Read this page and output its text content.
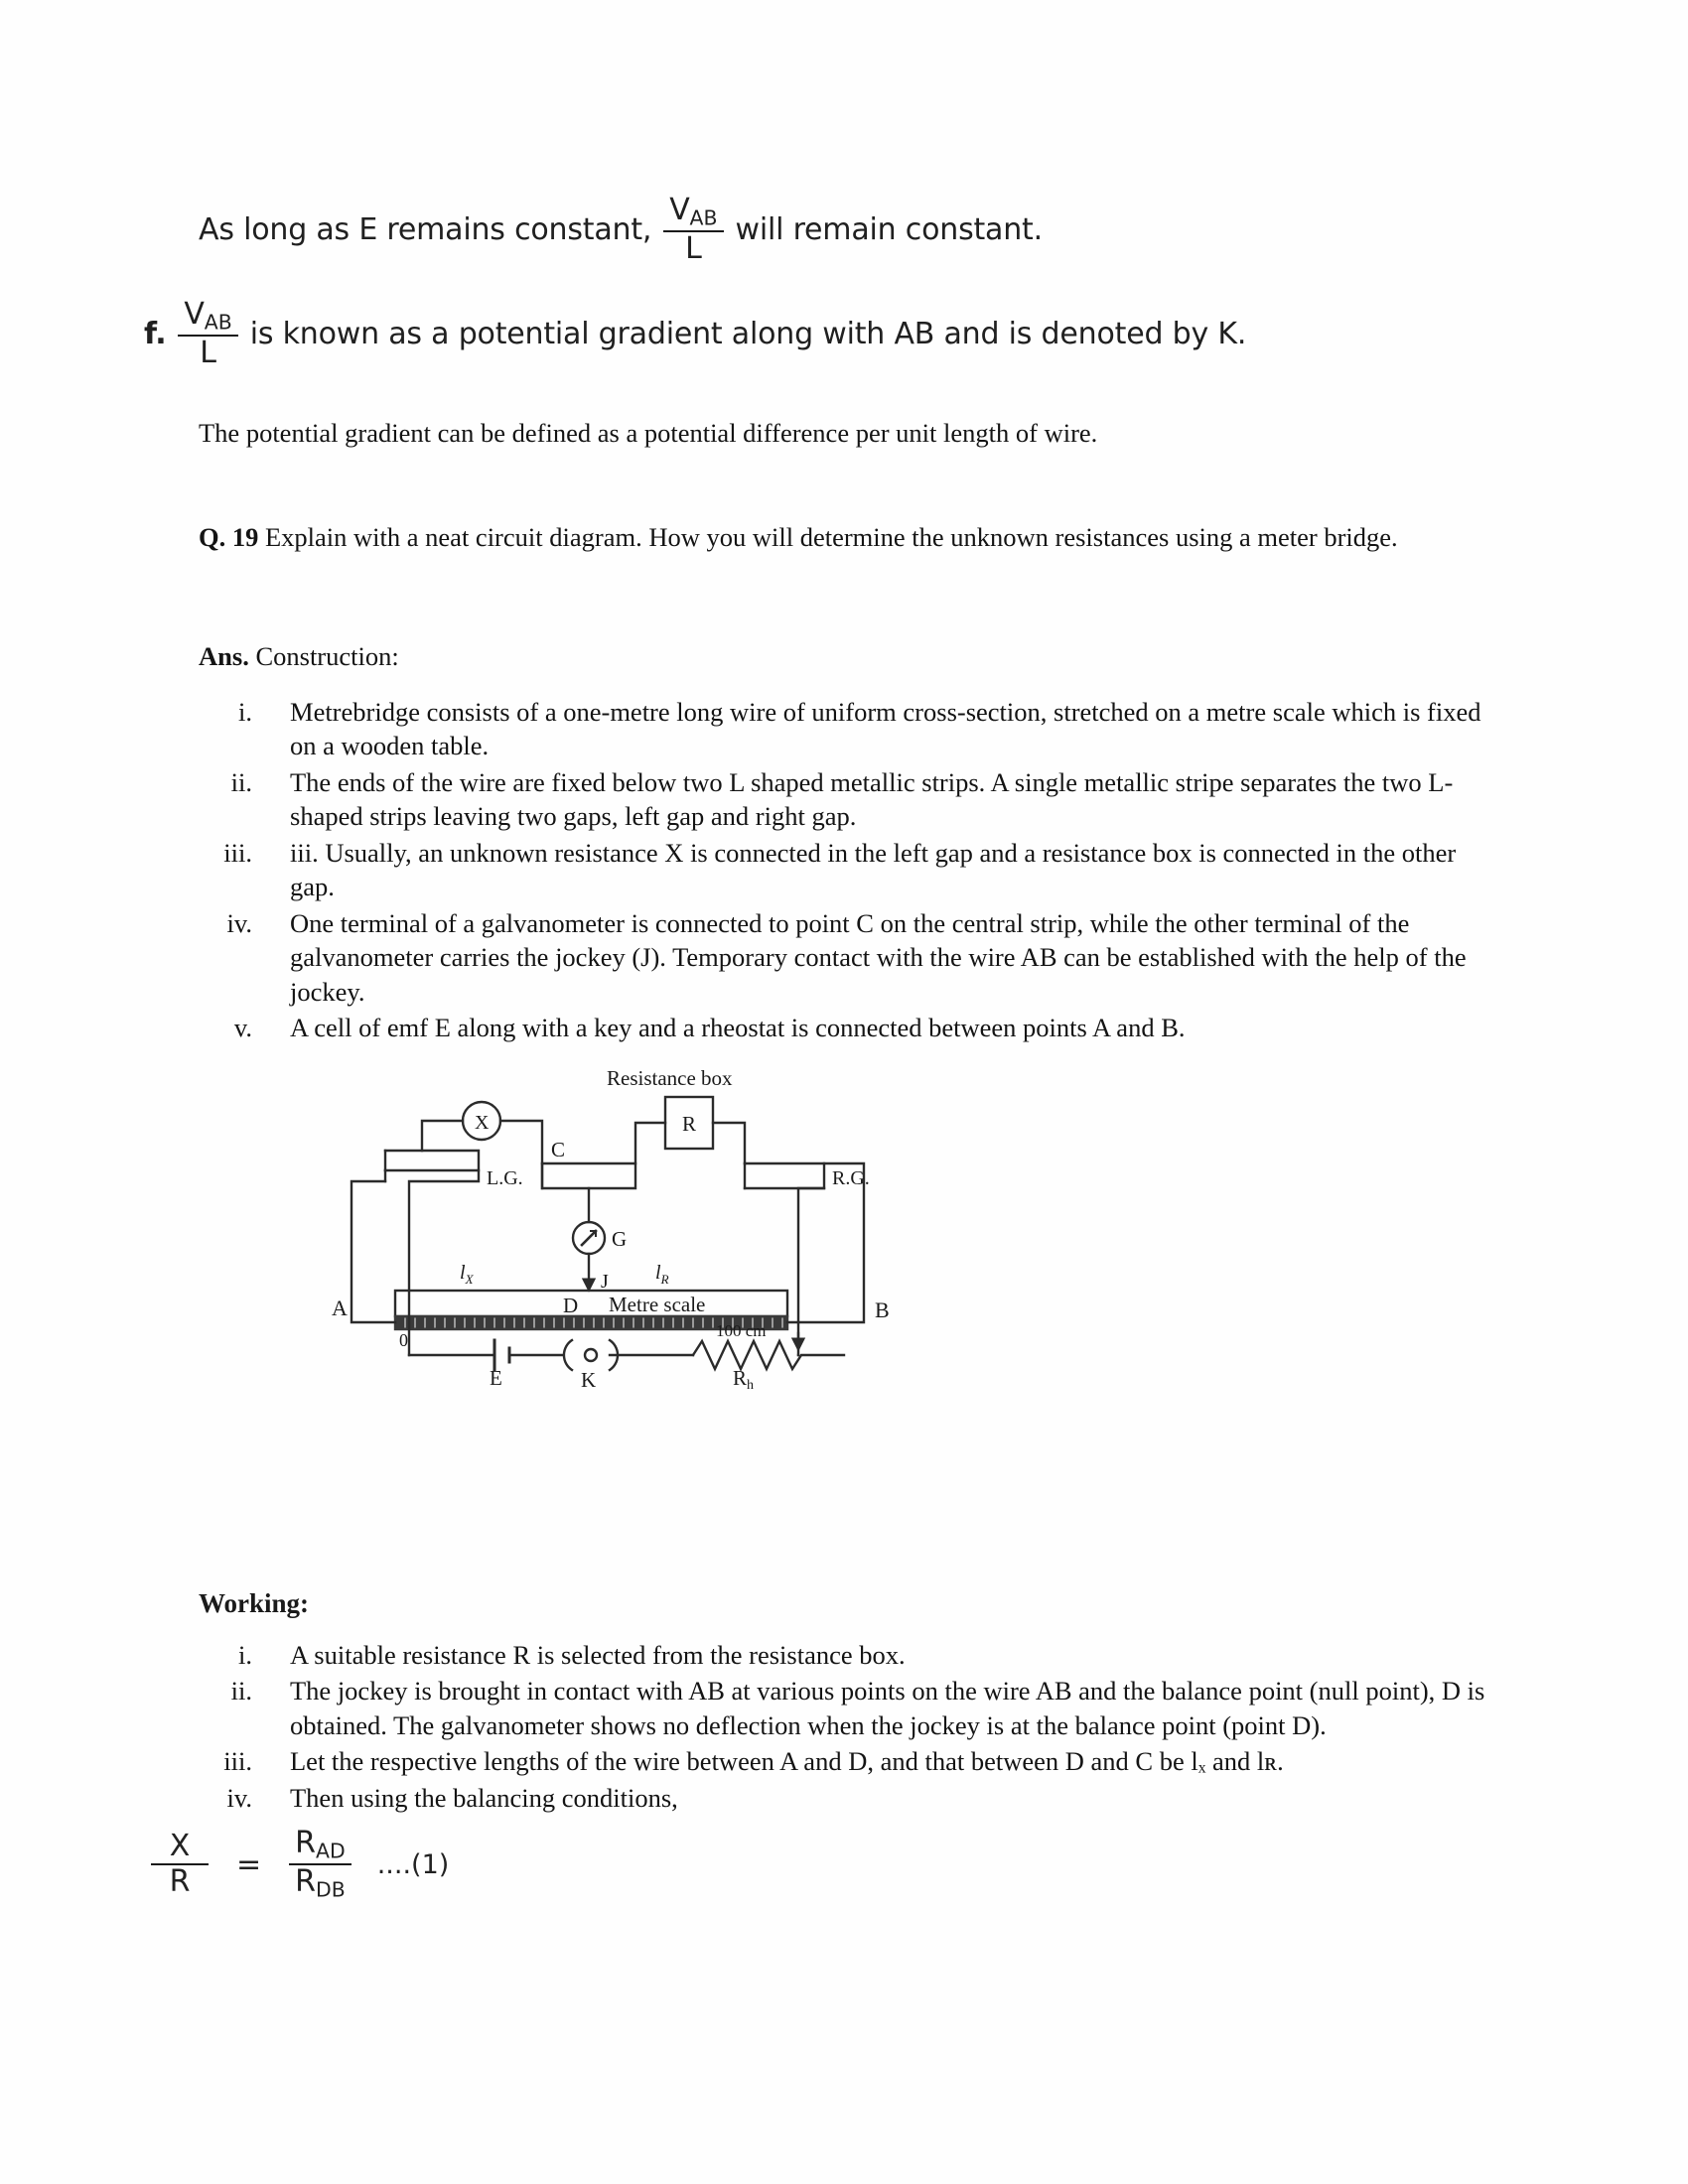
As long as E remains constant, $\frac{V_{AB}}{L}$ will remain constant.
f. $\frac{V_{AB}}{L}$ is known as a potential gradient along with AB and is denoted by K.
The potential gradient can be defined as a potential difference per unit length of wire.
Q. 19 Explain with a neat circuit diagram. How you will determine the unknown resistances using a meter bridge.
Ans. Construction:
i.	Metrebridge consists of a one-metre long wire of uniform cross-section, stretched on a metre scale which is fixed on a wooden table.
ii.	The ends of the wire are fixed below two L shaped metallic strips. A single metallic stripe separates the two L-shaped strips leaving two gaps, left gap and right gap.
iii.	iii. Usually, an unknown resistance X is connected in the left gap and a resistance box is connected in the other gap.
iv.	One terminal of a galvanometer is connected to point C on the central strip, while the other terminal of the galvanometer carries the jockey (J). Temporary contact with the wire AB can be established with the help of the jockey.
v.	A cell of emf E along with a key and a rheostat is connected between points A and B.
Resistance box
X	R
L.G.	R.G.
C
G
J
D
$l_X$	$l_R$
Metre scale
A	B
0	100 cm
E	K	Rh
Working:
i.	A suitable resistance R is selected from the resistance box.
ii.	The jockey is brought in contact with AB at various points on the wire AB and the balance point (null point), D is obtained. The galvanometer shows no deflection when the jockey is at the balance point (point D).
iii.	Let the respective lengths of the wire between A and D, and that between D and C be lₓ and lʀ.
iv.	Then using the balancing conditions,
$\frac{X}{R} = \frac{R_{AD}}{R_{DB}} ....(1)$
